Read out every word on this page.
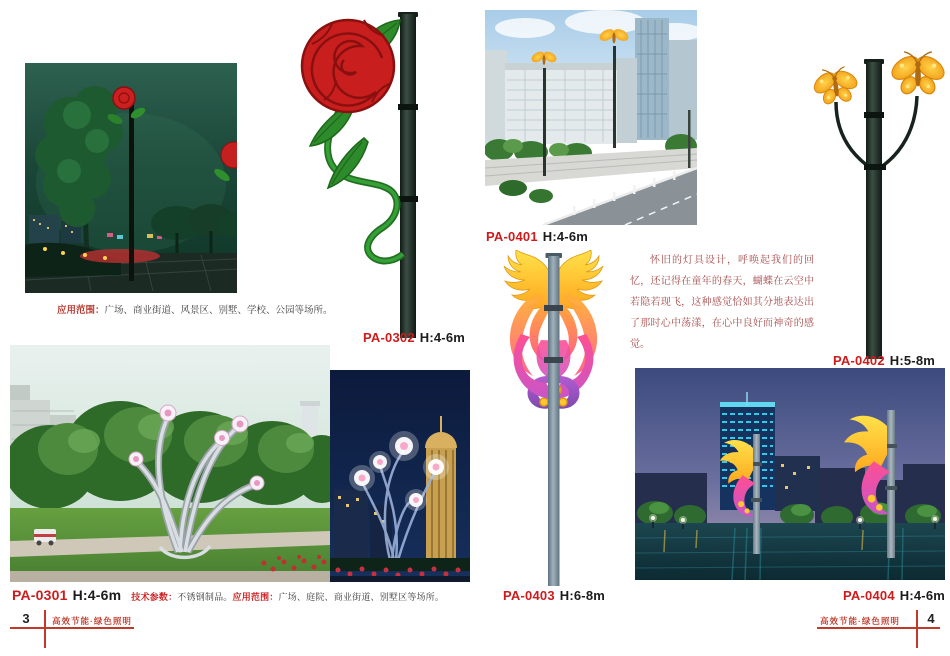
应用范围：广场、商业街道、风景区、别墅、学校、公园等场所。
PA-0302 H:4-6m
PA-0301 H:4-6m 技术参数：不锈钢制品。应用范围：广场、庭院、商业街道、别墅区等场所。
3	高效节能·绿色照明
PA-0401 H:4-6m

怀旧的灯具设计，呼唤起我们的回忆，还记得在童年的春天，蝴蝶在云空中若隐若现飞，这种感觉恰如其分地表达出了那时心中荡漾，在心中良好而神奇的感觉。

PA-0402 H:5-8m
PA-0403 H:6-8m	PA-0404 H:4-6m
高效节能·绿色照明	4
